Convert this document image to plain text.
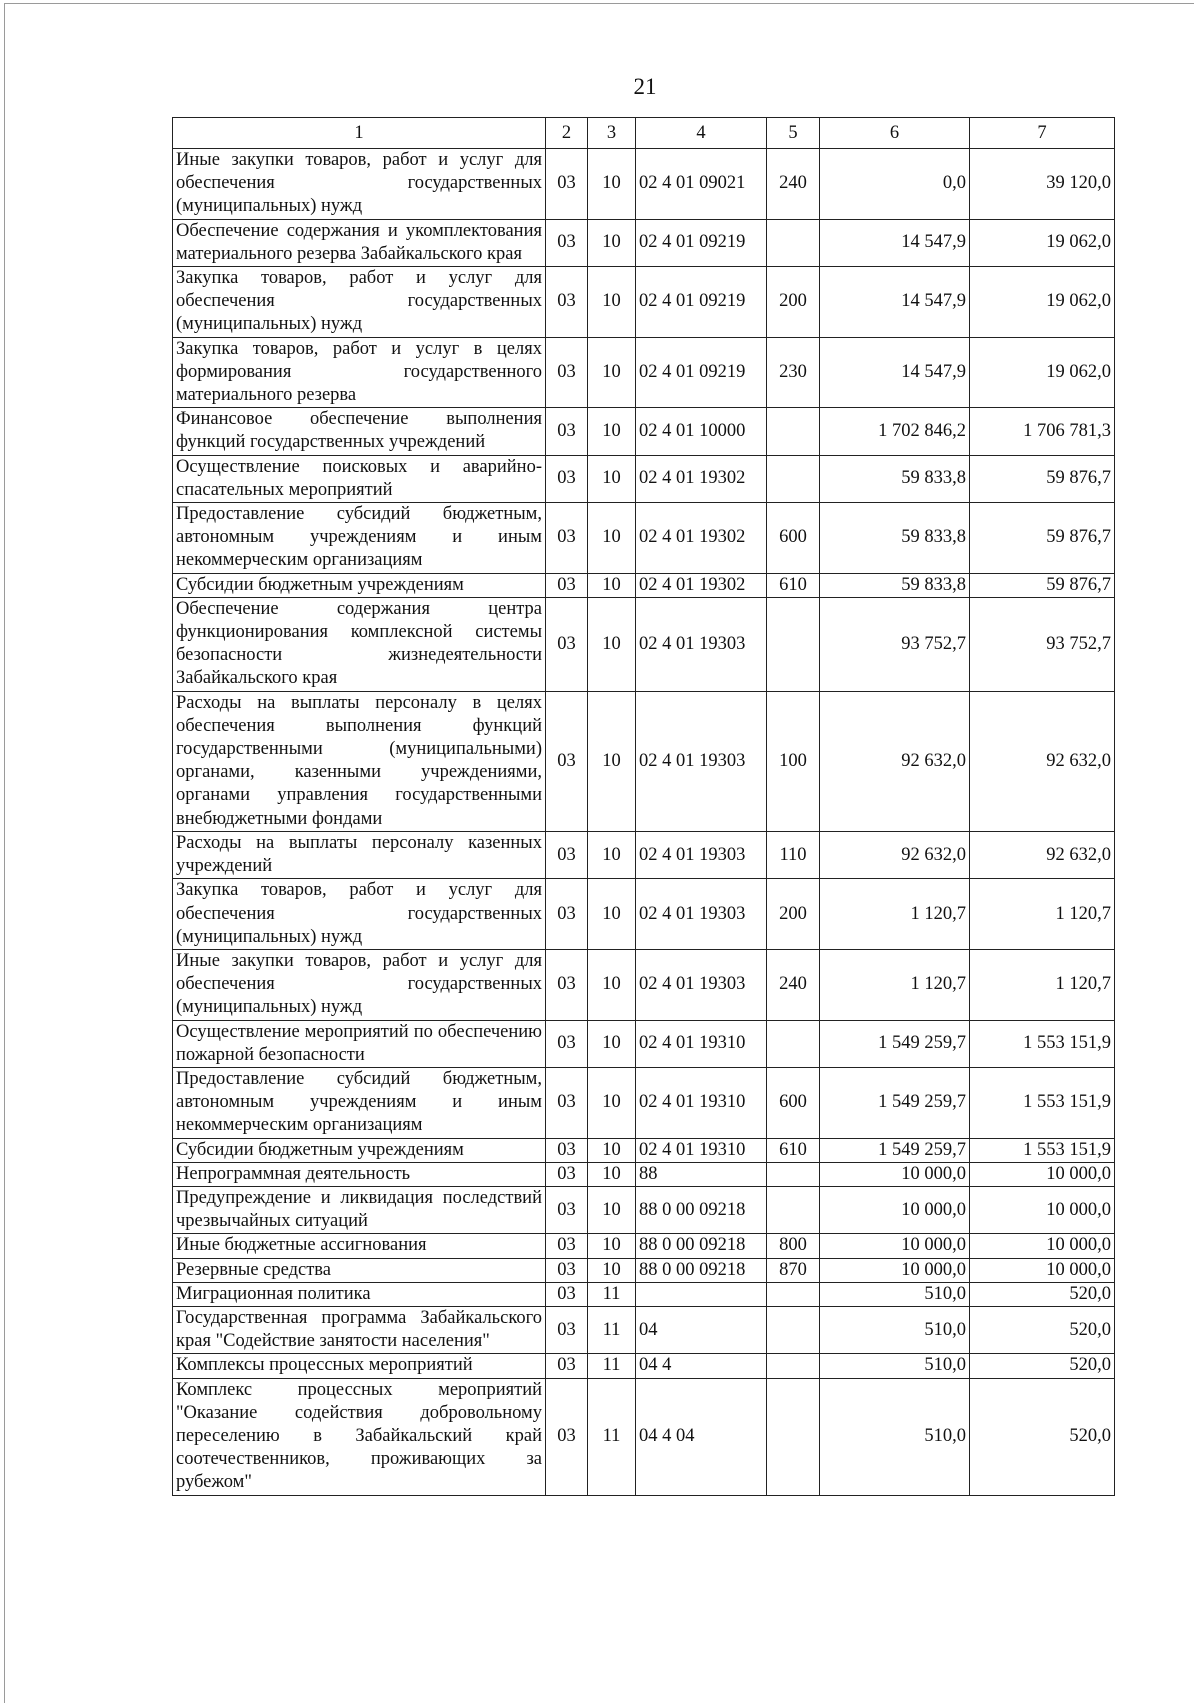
21
1	2	3	4	5	6	7
Иные закупки товаров, работ и услуг для обеспечения государственных (муниципальных) нужд	03	10	02 4 01 09021	240	0,0	39 120,0
Обеспечение содержания и укомплектования материального резерва Забайкальского края	03	10	02 4 01 09219		14 547,9	19 062,0
Закупка товаров, работ и услуг для обеспечения государственных (муниципальных) нужд	03	10	02 4 01 09219	200	14 547,9	19 062,0
Закупка товаров, работ и услуг в целях формирования государственного материального резерва	03	10	02 4 01 09219	230	14 547,9	19 062,0
Финансовое обеспечение выполнения функций государственных учреждений	03	10	02 4 01 10000		1 702 846,2	1 706 781,3
Осуществление поисковых и аварийно-спасательных мероприятий	03	10	02 4 01 19302		59 833,8	59 876,7
Предоставление субсидий бюджетным, автономным учреждениям и иным некоммерческим организациям	03	10	02 4 01 19302	600	59 833,8	59 876,7
Субсидии бюджетным учреждениям	03	10	02 4 01 19302	610	59 833,8	59 876,7
Обеспечение содержания центра функционирования комплексной системы безопасности жизнедеятельности Забайкальского края	03	10	02 4 01 19303		93 752,7	93 752,7
Расходы на выплаты персоналу в целях обеспечения выполнения функций государственными (муниципальными) органами, казенными учреждениями, органами управления государственными внебюджетными фондами	03	10	02 4 01 19303	100	92 632,0	92 632,0
Расходы на выплаты персоналу казенных учреждений	03	10	02 4 01 19303	110	92 632,0	92 632,0
Закупка товаров, работ и услуг для обеспечения государственных (муниципальных) нужд	03	10	02 4 01 19303	200	1 120,7	1 120,7
Иные закупки товаров, работ и услуг для обеспечения государственных (муниципальных) нужд	03	10	02 4 01 19303	240	1 120,7	1 120,7
Осуществление мероприятий по обеспечению пожарной безопасности	03	10	02 4 01 19310		1 549 259,7	1 553 151,9
Предоставление субсидий бюджетным, автономным учреждениям и иным некоммерческим организациям	03	10	02 4 01 19310	600	1 549 259,7	1 553 151,9
Субсидии бюджетным учреждениям	03	10	02 4 01 19310	610	1 549 259,7	1 553 151,9
Непрограммная деятельность	03	10	88		10 000,0	10 000,0
Предупреждение и ликвидация последствий чрезвычайных ситуаций	03	10	88 0 00 09218		10 000,0	10 000,0
Иные бюджетные ассигнования	03	10	88 0 00 09218	800	10 000,0	10 000,0
Резервные средства	03	10	88 0 00 09218	870	10 000,0	10 000,0
Миграционная политика	03	11			510,0	520,0
Государственная программа Забайкальского края "Содействие занятости населения"	03	11	04		510,0	520,0
Комплексы процессных мероприятий	03	11	04 4		510,0	520,0
Комплекс процессных мероприятий "Оказание содействия добровольному переселению в Забайкальский край соотечественников, проживающих за рубежом"	03	11	04 4 04		510,0	520,0
